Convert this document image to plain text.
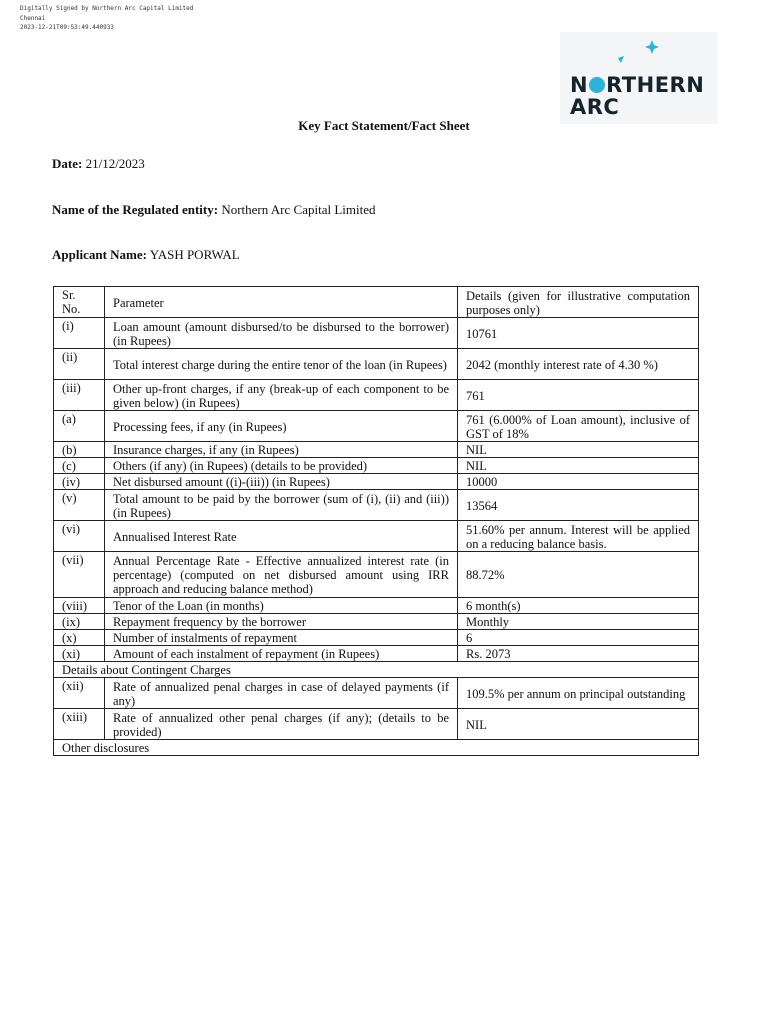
Digitally Signed by Northern Arc Capital Limited
Chennai
2023-12-21T09:53:49.440933
N RTHERN
ARC
Key Fact Statement/Fact Sheet
Date: 21/12/2023
Name of the Regulated entity: Northern Arc Capital Limited
Applicant Name: YASH PORWAL
Sr. No.	Parameter	Details (given for illustrative computation purposes only)
(i)	Loan amount (amount disbursed/to be disbursed to the borrower) (in Rupees)	10761
(ii)	Total interest charge during the entire tenor of the loan (in Rupees)	2042 (monthly interest rate of 4.30 %)
(iii)	Other up-front charges, if any (break-up of each component to be given below) (in Rupees)	761
(a)	Processing fees, if any (in Rupees)	761 (6.000% of Loan amount), inclusive of GST of 18%
(b)	Insurance charges, if any (in Rupees)	NIL
(c)	Others (if any) (in Rupees) (details to be provided)	NIL
(iv)	Net disbursed amount ((i)-(iii)) (in Rupees)	10000
(v)	Total amount to be paid by the borrower (sum of (i), (ii) and (iii)) (in Rupees)	13564
(vi)	Annualised Interest Rate	51.60% per annum. Interest will be applied on a reducing balance basis.
(vii)	Annual Percentage Rate - Effective annualized interest rate (in percentage) (computed on net disbursed amount using IRR approach and reducing balance method)	88.72%
(viii)	Tenor of the Loan (in months)	6 month(s)
(ix)	Repayment frequency by the borrower	Monthly
(x)	Number of instalments of repayment	6
(xi)	Amount of each instalment of repayment (in Rupees)	Rs. 2073
Details about Contingent Charges		
(xii)	Rate of annualized penal charges in case of delayed payments (if any)	109.5% per annum on principal outstanding
(xiii)	Rate of annualized other penal charges (if any); (details to be provided)	NIL
Other disclosures		
